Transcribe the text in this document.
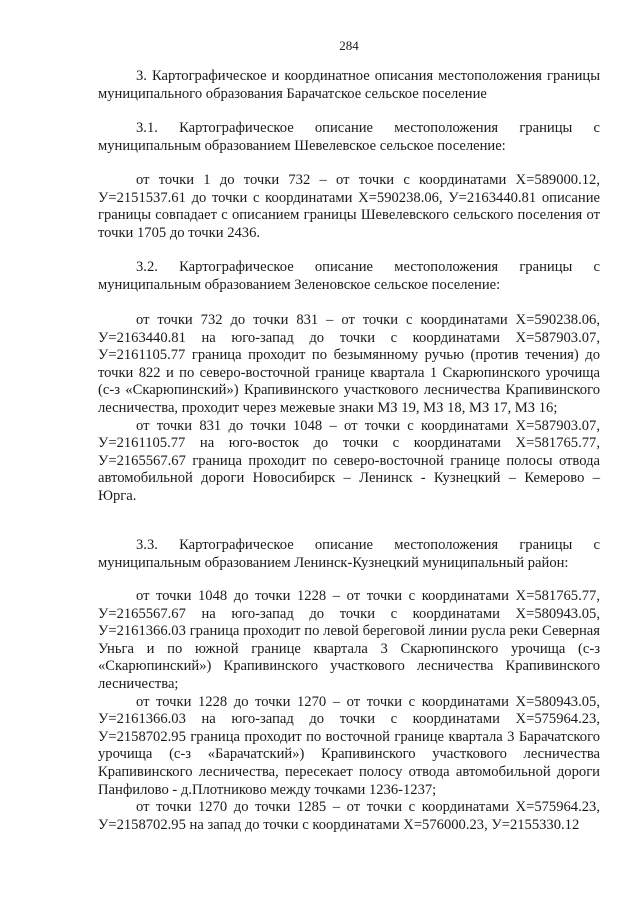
284

3. Картографическое и координатное описания местоположения границы муниципального образования Барачатское сельское поселение

3.1. Картографическое описание местоположения границы с муниципальным образованием Шевелевское сельское поселение:

от точки 1 до точки 732 – от точки с координатами Х=589000.12, У=2151537.61 до точки с координатами Х=590238.06, У=2163440.81 описание границы совпадает с описанием границы Шевелевского сельского поселения от точки 1705 до точки 2436.

3.2. Картографическое описание местоположения границы с муниципальным образованием Зеленовское сельское поселение:

от точки 732 до точки 831 – от точки с координатами Х=590238.06, У=2163440.81 на юго-запад до точки с координатами Х=587903.07, У=2161105.77 граница проходит по безымянному ручью (против течения) до точки 822 и по северо-восточной границе квартала 1 Скарюпинского урочища (с-з «Скарюпинский») Крапивинского участкового лесничества Крапивинского лесничества, проходит через межевые знаки МЗ 19, МЗ 18, МЗ 17, МЗ 16;

от точки 831 до точки 1048 – от точки с координатами Х=587903.07, У=2161105.77 на юго-восток до точки с координатами Х=581765.77, У=2165567.67 граница проходит по северо-восточной границе полосы отвода автомобильной дороги Новосибирск – Ленинск - Кузнецкий – Кемерово – Юрга.

3.3. Картографическое описание местоположения границы с муниципальным образованием Ленинск-Кузнецкий муниципальный район:

от точки 1048 до точки 1228 – от точки с координатами Х=581765.77, У=2165567.67 на юго-запад до точки с координатами Х=580943.05, У=2161366.03 граница проходит по левой береговой линии русла реки Северная Уньга и по южной границе квартала 3 Скарюпинского урочища (с-з «Скарюпинский») Крапивинского участкового лесничества Крапивинского лесничества;

от точки 1228 до точки 1270 – от точки с координатами Х=580943.05, У=2161366.03 на юго-запад до точки с координатами Х=575964.23, У=2158702.95 граница проходит по восточной границе квартала 3 Барачатского урочища (с-з «Барачатский») Крапивинского участкового лесничества Крапивинского лесничества, пересекает полосу отвода автомобильной дороги Панфилово - д.Плотниково между точками 1236-1237;

от точки 1270 до точки 1285 – от точки с координатами Х=575964.23, У=2158702.95 на запад до точки с координатами Х=576000.23, У=2155330.12
